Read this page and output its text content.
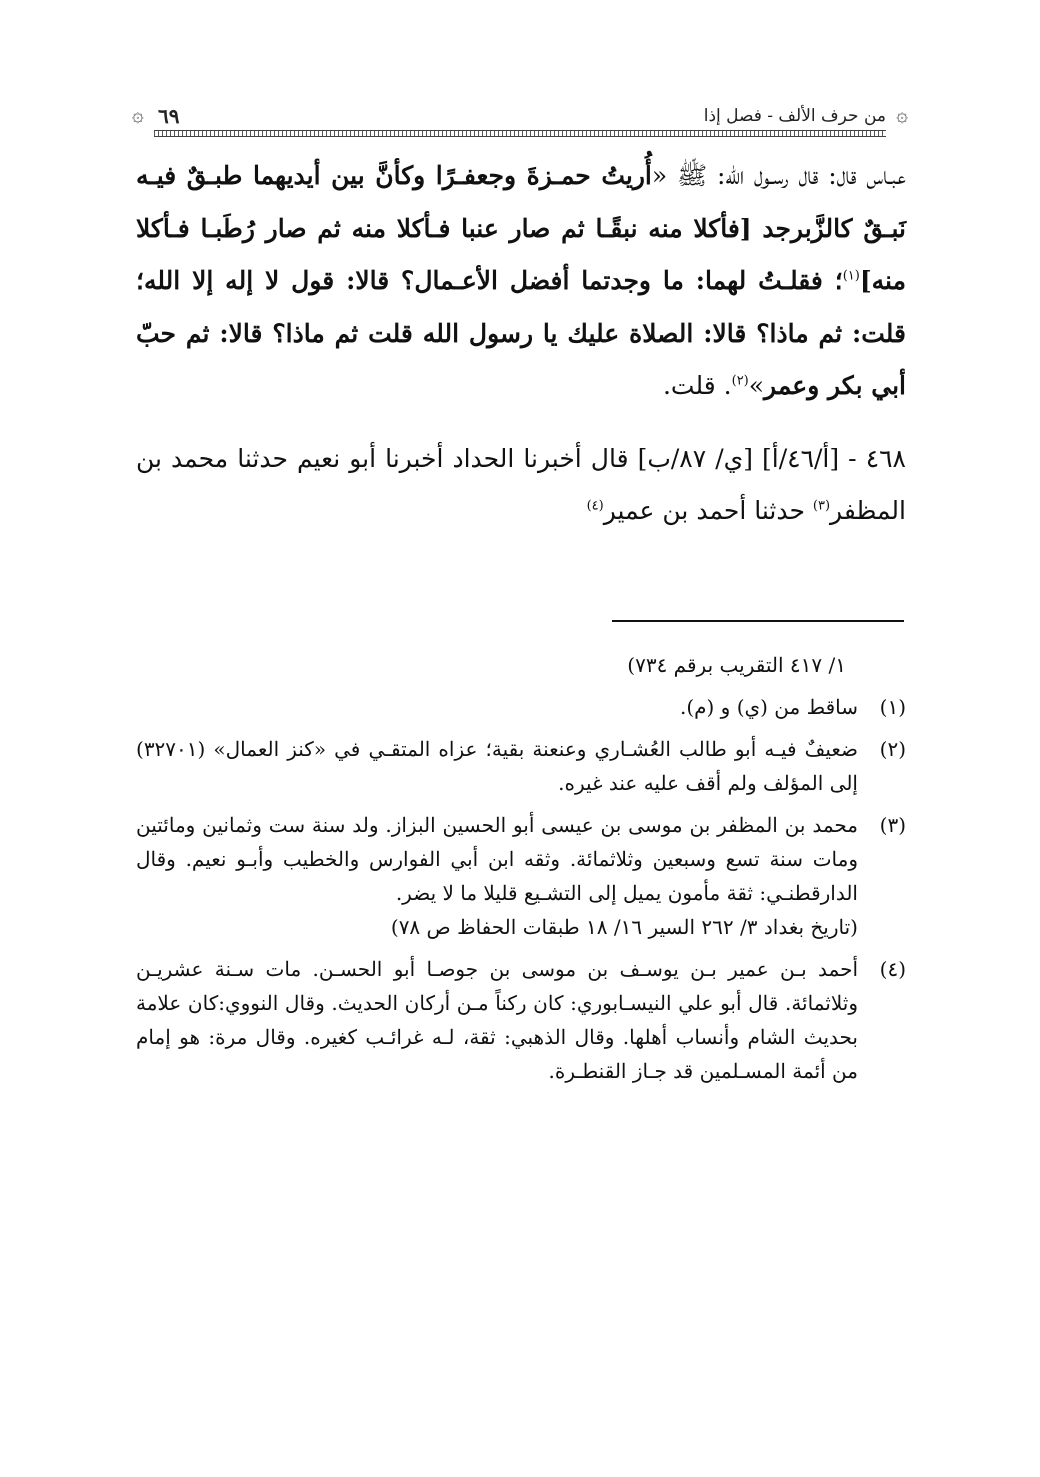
۞
من حرف الألف - فصل إذا
٦٩
۞

عبـاس قال: قال رسـول الله: ﷺ «أُريتُ حمـزةَ وجعفـرًا وكأنَّ بين أيديهما طبـقٌ فيـه نَبـقٌ كالزَّبرجد [فأكلا منه نبقًـا ثم صار عنبا فـأكلا منه ثم صار رُطَبـا فـأكلا منه]$^{(١)}$؛ فقلـتُ لهما: ما وجدتما أفضل الأعـمال؟ قالا: قول لا إله إلا الله؛ قلت: ثم ماذا؟ قالا: الصلاة عليك يا رسول الله قلت ثم ماذا؟ قالا: ثم حبّ أبي بكر وعمر»$^{(٢)}$. قلت.

٤٦٨ - [أ/٤٦/أ] [ي/ ٨٧/ب] قال أخبرنا الحداد أخبرنا أبو نعيم حدثنا محمد بن المظفر$^{(٣)}$ حدثنا أحمد بن عمير$^{(٤)}$

١/ ٤١٧ التقريب برقم ٧٣٤)
(١)

ساقط من (ي) و (م).

(٢)

ضعيفٌ فيـه أبو طالب العُشـاري وعنعنة بقية؛ عزاه المتقـي في «كنز العمال» (٣٢٧٠١) إلى المؤلف ولم أقف عليه عند غيره.

(٣)

محمد بن المظفر بن موسى بن عيسى أبو الحسين البزاز. ولد سنة ست وثمانين ومائتين ومات سنة تسع وسبعين وثلاثمائة. وثقه ابن أبي الفوارس والخطيب وأبـو نعيم. وقال الدارقطنـي: ثقة مأمون يميل إلى التشـيع قليلا ما لا يضر.

(تاريخ بغداد ٣/ ٢٦٢ السير ١٦/ ١٨ طبقات الحفاظ ص ٧٨)

(٤)

أحمد بـن عمير بـن يوسـف بن موسى بن جوصـا أبو الحسـن. مات سـنة عشريـن وثلاثمائة. قال أبو علي النيسـابوري: كان ركناً مـن أركان الحديث. وقال النووي:كان علامة بحديث الشام وأنساب أهلها. وقال الذهبي: ثقة، لـه غرائـب كغيره. وقال مرة: هو إمام من أئمة المسـلمين قد جـاز القنطـرة.
